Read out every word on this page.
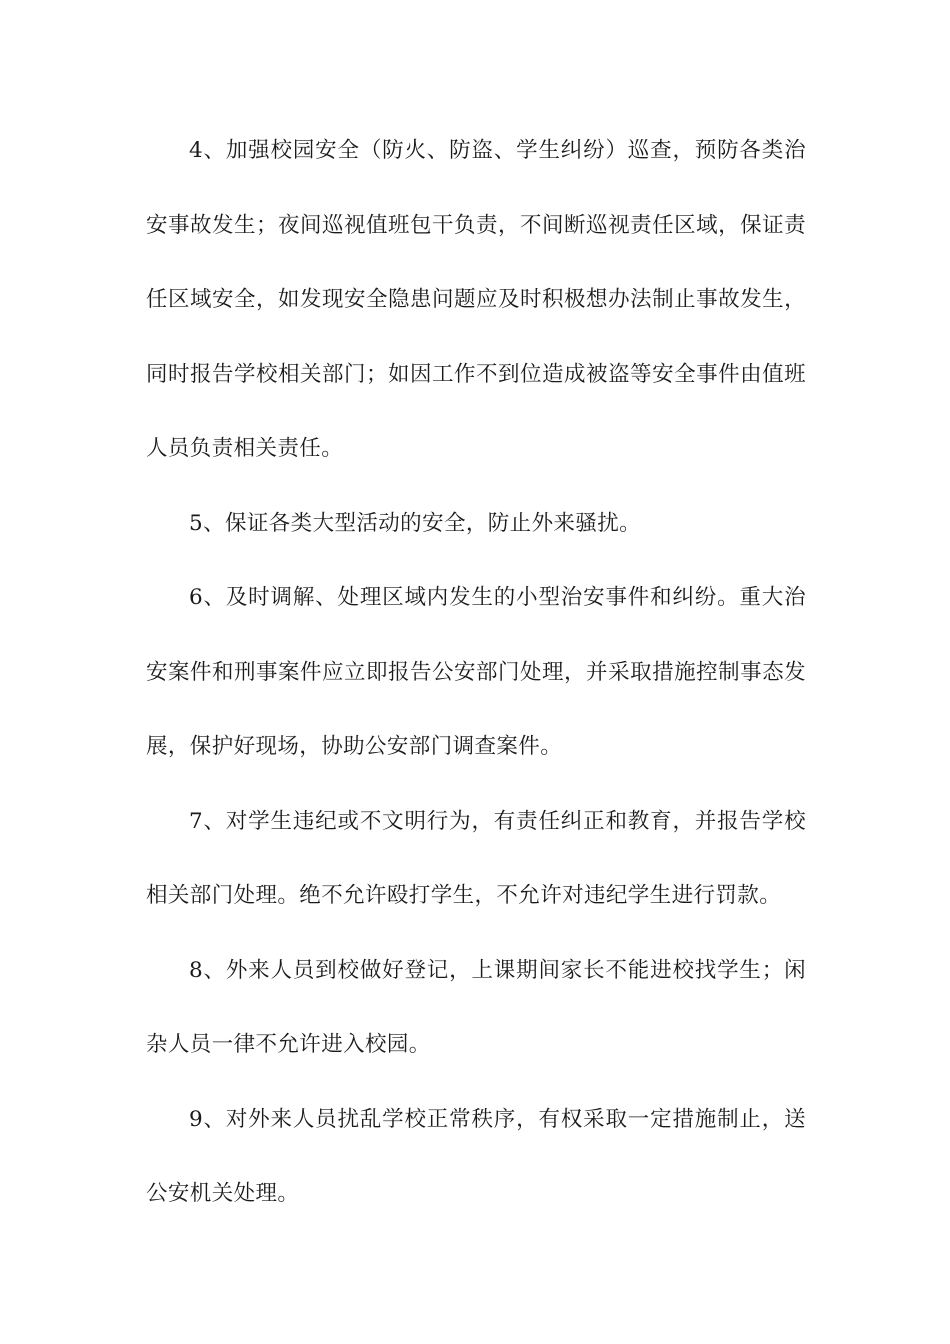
4、加强校园安全（防火、防盗、学生纠纷）巡查，预防各类治安事故发生；夜间巡视值班包干负责，不间断巡视责任区域，保证责任区域安全，如发现安全隐患问题应及时积极想办法制止事故发生，同时报告学校相关部门；如因工作不到位造成被盗等安全事件由值班人员负责相关责任。

5、保证各类大型活动的安全，防止外来骚扰。

6、及时调解、处理区域内发生的小型治安事件和纠纷。重大治安案件和刑事案件应立即报告公安部门处理，并采取措施控制事态发展，保护好现场，协助公安部门调查案件。

7、对学生违纪或不文明行为，有责任纠正和教育，并报告学校相关部门处理。绝不允许殴打学生，不允许对违纪学生进行罚款。

8、外来人员到校做好登记，上课期间家长不能进校找学生；闲杂人员一律不允许进入校园。

9、对外来人员扰乱学校正常秩序，有权采取一定措施制止，送公安机关处理。
